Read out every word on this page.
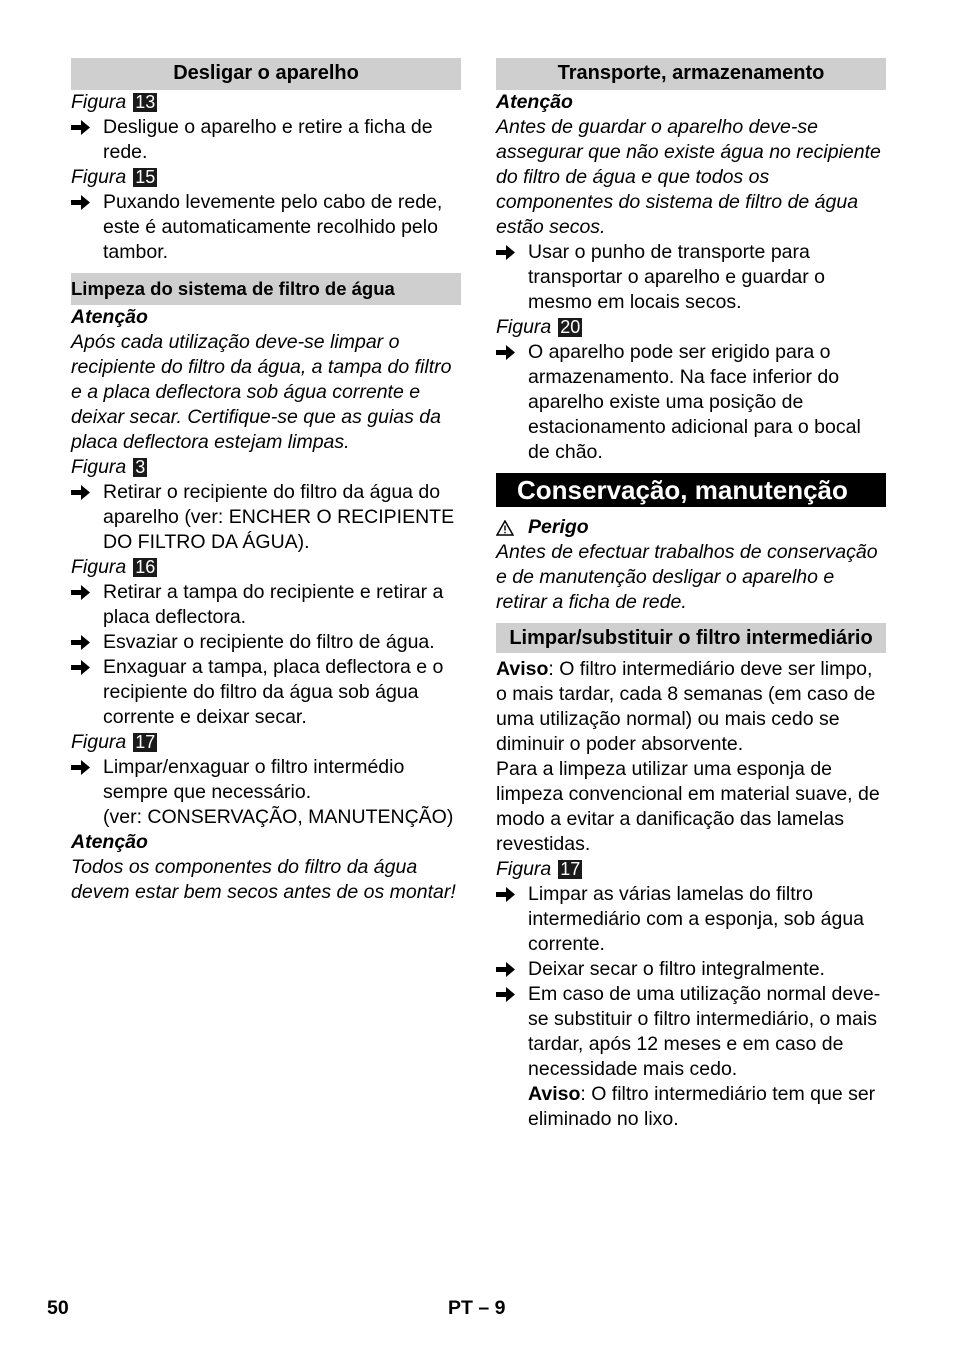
Desligar o aparelho

Figura 13

Desligue o aparelho e retire a ficha de rede.

Figura 15

Puxando levemente pelo cabo de rede, este é automaticamente recolhido pelo tambor.

Limpeza do sistema de filtro de água

Atenção

Após cada utilização deve-se limpar o recipiente do filtro da água, a tampa do filtro e a placa deflectora sob água corrente e deixar secar. Certifique-se que as guias da placa deflectora estejam limpas.

Figura 3

Retirar o recipiente do filtro da água do aparelho (ver: ENCHER O RECIPIENTE DO FILTRO DA ÁGUA).

Figura 16

Retirar a tampa do recipiente e retirar a placa deflectora.

Esvaziar o recipiente do filtro de água.

Enxaguar a tampa, placa deflectora e o recipiente do filtro da água sob água corrente e deixar secar.

Figura 17

Limpar/enxaguar o filtro intermédio sempre que necessário.

(ver: CONSERVAÇÃO, MANUTENÇÃO)

Atenção

Todos os componentes do filtro da água devem estar bem secos antes de os montar!

Transporte, armazenamento

Atenção

Antes de guardar o aparelho deve-se assegurar que não existe água no recipiente do filtro de água e que todos os componentes do sistema de filtro de água estão secos.

Usar o punho de transporte para transportar o aparelho e guardar o mesmo em locais secos.

Figura 20

O aparelho pode ser erigido para o armazenamento. Na face inferior do aparelho existe uma posição de estacionamento adicional para o bocal de chão.

Conservação, manutenção

Perigo

Antes de efectuar trabalhos de conservação e de manutenção desligar o aparelho e retirar a ficha de rede.

Limpar/substituir o filtro intermediário

Aviso: O filtro intermediário deve ser limpo, o mais tardar, cada 8 semanas (em caso de uma utilização normal) ou mais cedo se diminuir o poder absorvente.

Para a limpeza utilizar uma esponja de limpeza convencional em material suave, de modo a evitar a danificação das lamelas revestidas.

Figura 17

Limpar as várias lamelas do filtro intermediário com a esponja, sob água corrente.

Deixar secar o filtro integralmente.

Em caso de uma utilização normal deve-se substituir o filtro intermediário, o mais tardar, após 12 meses e em caso de necessidade mais cedo.

Aviso: O filtro intermediário tem que ser eliminado no lixo.

50	PT – 9
